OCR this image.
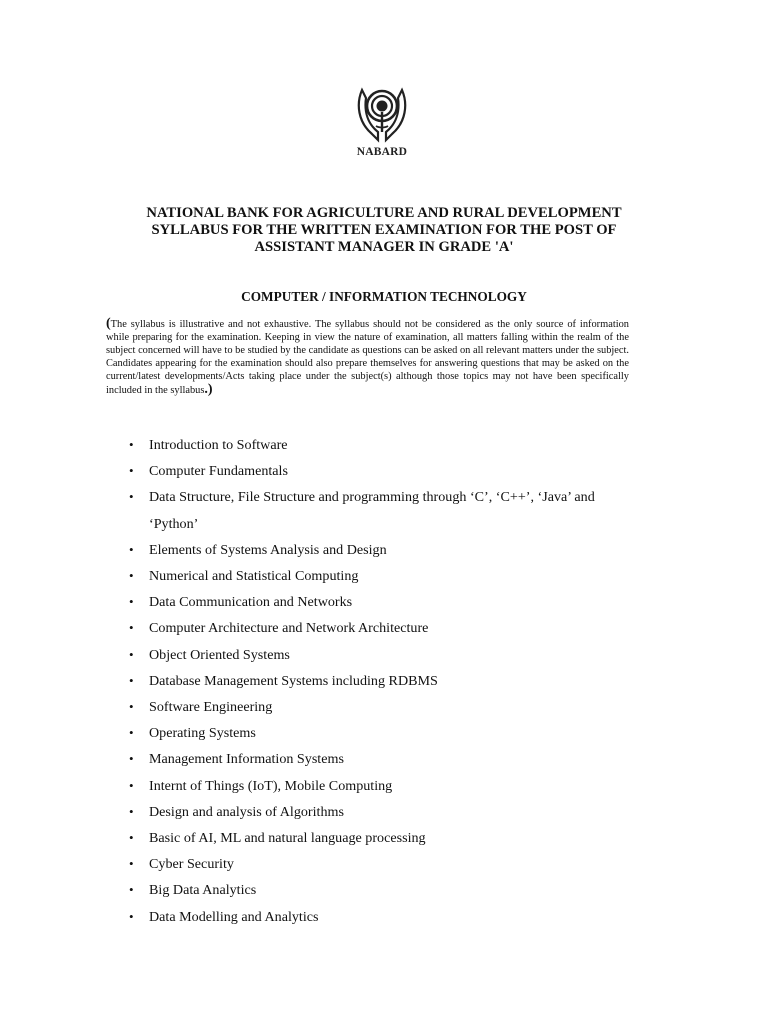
NABARD
NATIONAL BANK FOR AGRICULTURE AND RURAL DEVELOPMENT
SYLLABUS FOR THE WRITTEN EXAMINATION FOR THE POST OF
ASSISTANT MANAGER IN GRADE 'A'
COMPUTER / INFORMATION TECHNOLOGY

(The syllabus is illustrative and not exhaustive. The syllabus should not be considered as the only source of information while preparing for the examination. Keeping in view the nature of examination, all matters falling within the realm of the subject concerned will have to be studied by the candidate as questions can be asked on all relevant matters under the subject. Candidates appearing for the examination should also prepare themselves for answering questions that may be asked on the current/latest developments/Acts taking place under the subject(s) although those topics may not have been specifically included in the syllabus.)

• Introduction to Software
• Computer Fundamentals
• Data Structure, File Structure and programming through ‘C’, ‘C++’, ‘Java’ and ‘Python’
• Elements of Systems Analysis and Design
• Numerical and Statistical Computing
• Data Communication and Networks
• Computer Architecture and Network Architecture
• Object Oriented Systems
• Database Management Systems including RDBMS
• Software Engineering
• Operating Systems
• Management Information Systems
• Internt of Things (IoT), Mobile Computing
• Design and analysis of Algorithms
• Basic of AI, ML and natural language processing
• Cyber Security
• Big Data Analytics
• Data Modelling and Analytics
